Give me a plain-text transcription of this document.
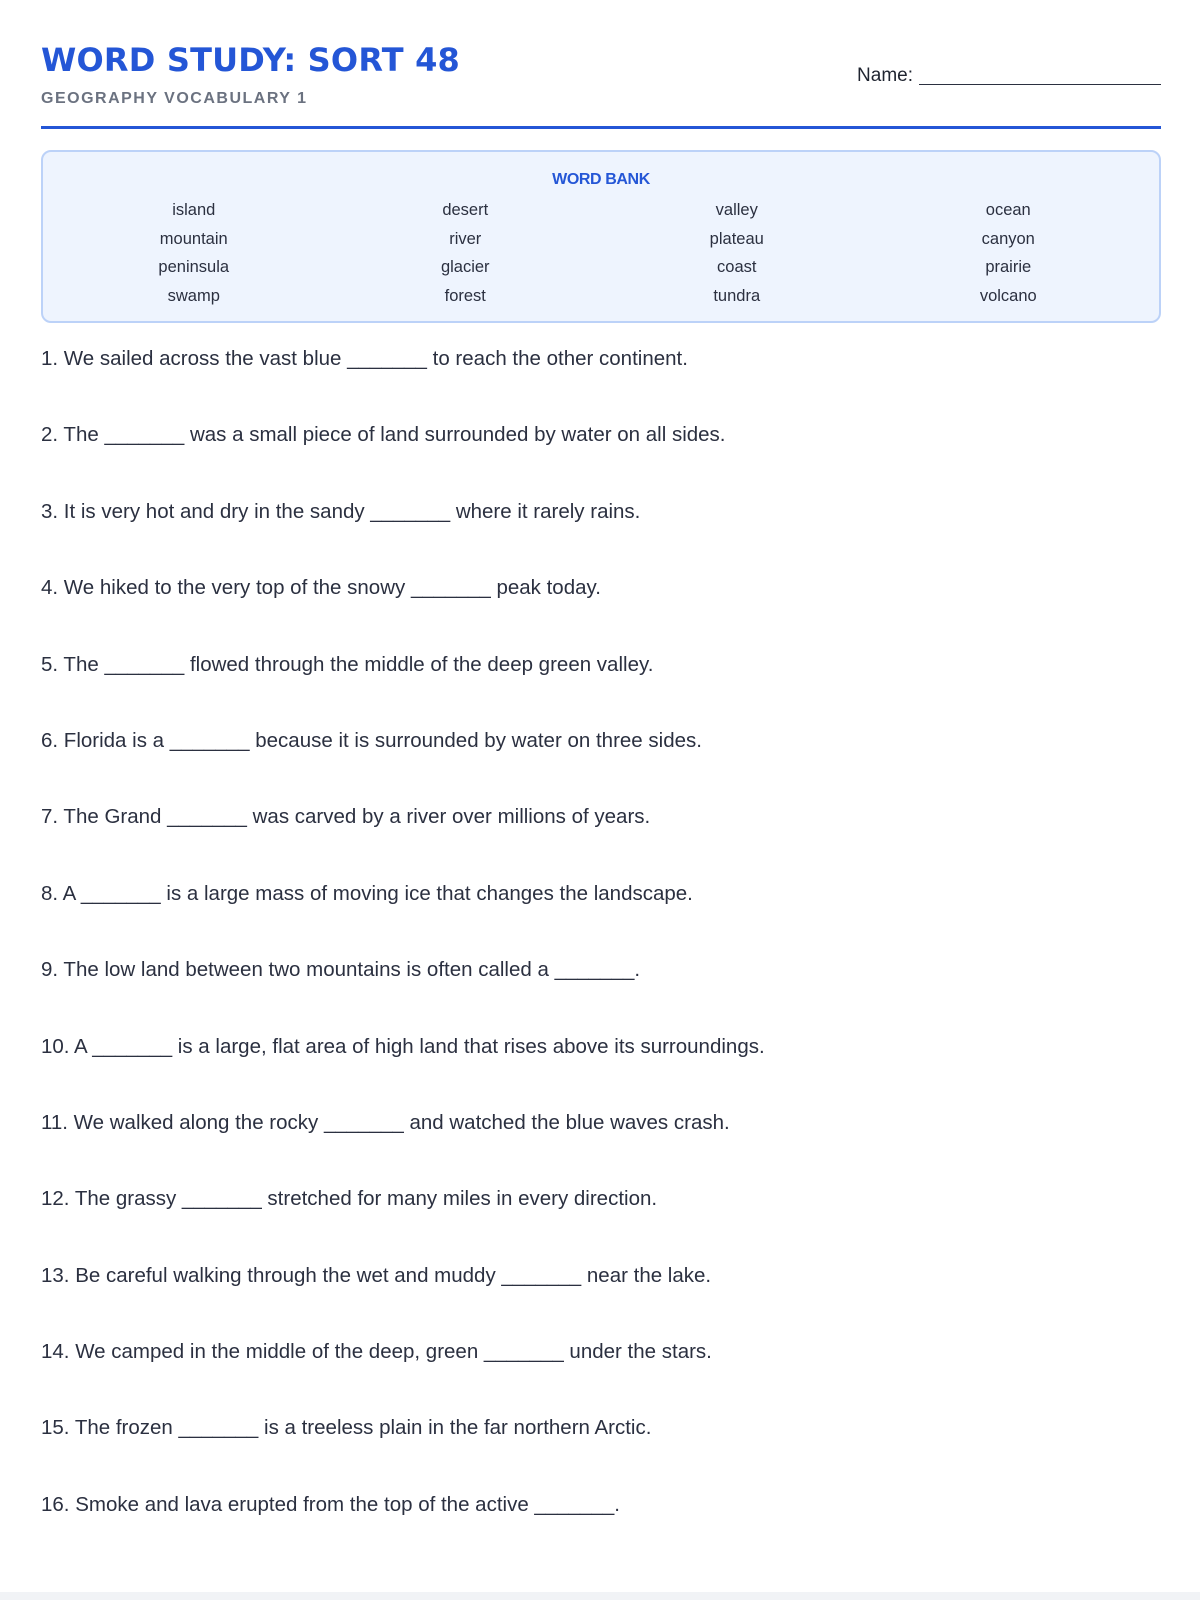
WORD STUDY: SORT 48
GEOGRAPHY VOCABULARY 1
Name:
WORD BANK
island	desert	valley	ocean
mountain	river	plateau	canyon
peninsula	glacier	coast	prairie
swamp	forest	tundra	volcano
1. We sailed across the vast blue _______ to reach the other continent.
2. The _______ was a small piece of land surrounded by water on all sides.
3. It is very hot and dry in the sandy _______ where it rarely rains.
4. We hiked to the very top of the snowy _______ peak today.
5. The _______ flowed through the middle of the deep green valley.
6. Florida is a _______ because it is surrounded by water on three sides.
7. The Grand _______ was carved by a river over millions of years.
8. A _______ is a large mass of moving ice that changes the landscape.
9. The low land between two mountains is often called a _______.
10. A _______ is a large, flat area of high land that rises above its surroundings.
11. We walked along the rocky _______ and watched the blue waves crash.
12. The grassy _______ stretched for many miles in every direction.
13. Be careful walking through the wet and muddy _______ near the lake.
14. We camped in the middle of the deep, green _______ under the stars.
15. The frozen _______ is a treeless plain in the far northern Arctic.
16. Smoke and lava erupted from the top of the active _______.
